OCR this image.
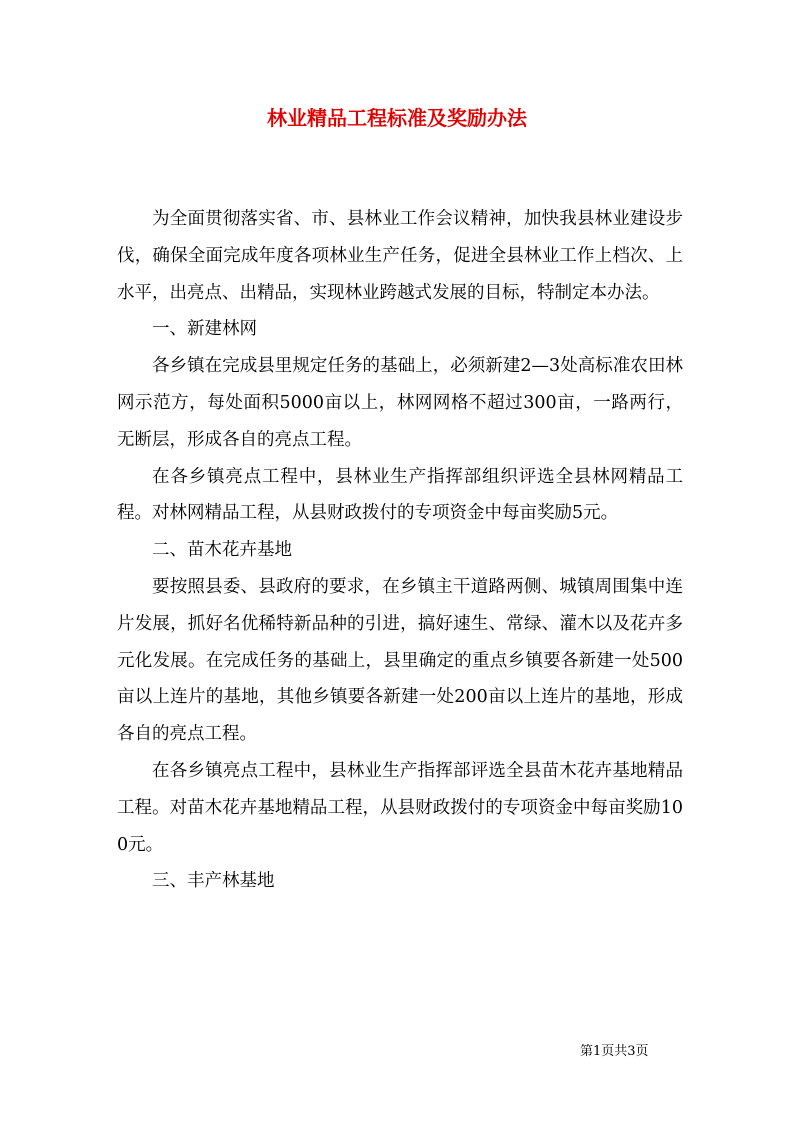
林业精品工程标准及奖励办法

为全面贯彻落实省、市、县林业工作会议精神，加快我县林业建设步伐，确保全面完成年度各项林业生产任务，促进全县林业工作上档次、上水平，出亮点、出精品，实现林业跨越式发展的目标，特制定本办法。

一、新建林网

各乡镇在完成县里规定任务的基础上，必须新建2—3处高标准农田林网示范方，每处面积5000亩以上，林网网格不超过300亩，一路两行，无断层，形成各自的亮点工程。

在各乡镇亮点工程中，县林业生产指挥部组织评选全县林网精品工程。对林网精品工程，从县财政拨付的专项资金中每亩奖励5元。

二、苗木花卉基地

要按照县委、县政府的要求，在乡镇主干道路两侧、城镇周围集中连片发展，抓好名优稀特新品种的引进，搞好速生、常绿、灌木以及花卉多元化发展。在完成任务的基础上，县里确定的重点乡镇要各新建一处500亩以上连片的基地，其他乡镇要各新建一处200亩以上连片的基地，形成各自的亮点工程。

在各乡镇亮点工程中，县林业生产指挥部评选全县苗木花卉基地精品工程。对苗木花卉基地精品工程，从县财政拨付的专项资金中每亩奖励100元。

三、丰产林基地

第1页共3页
